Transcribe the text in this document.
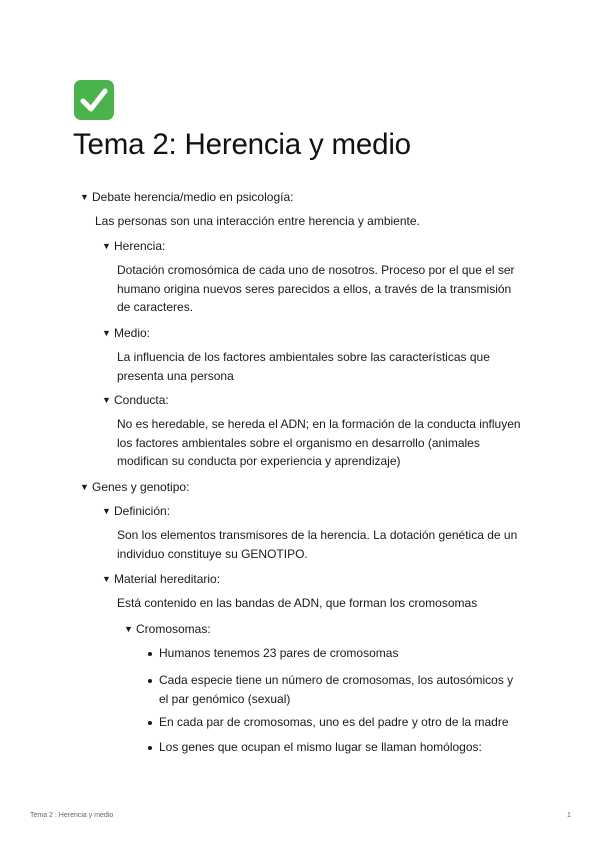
Tema 2: Herencia y medio
▼ Debate herencia/medio en psicología:
Las personas son una interacción entre herencia y ambiente.
▼ Herencia:
Dotación cromosómica de cada uno de nosotros. Proceso por el que el ser
humano origina nuevos seres parecidos a ellos, a través de la transmisión
de caracteres.
▼ Medio:
La influencia de los factores ambientales sobre las características que
presenta una persona
▼ Conducta:
No es heredable, se hereda el ADN; en la formación de la conducta influyen
los factores ambientales sobre el organismo en desarrollo (animales
modifican su conducta por experiencia y aprendizaje)
▼ Genes y genotipo:
▼ Definición:
Son los elementos transmisores de la herencia. La dotación genética de un
individuo constituye su GENOTIPO.
▼ Material hereditario:
Está contenido en las bandas de ADN, que forman los cromosomas
▼ Cromosomas:
Humanos tenemos 23 pares de cromosomas
Cada especie tiene un número de cromosomas, los autosómicos y
el par genómico (sexual)
En cada par de cromosomas, uno es del padre y otro de la madre
Los genes que ocupan el mismo lugar se llaman homólogos:
Tema 2 : Herencia y medio	1
